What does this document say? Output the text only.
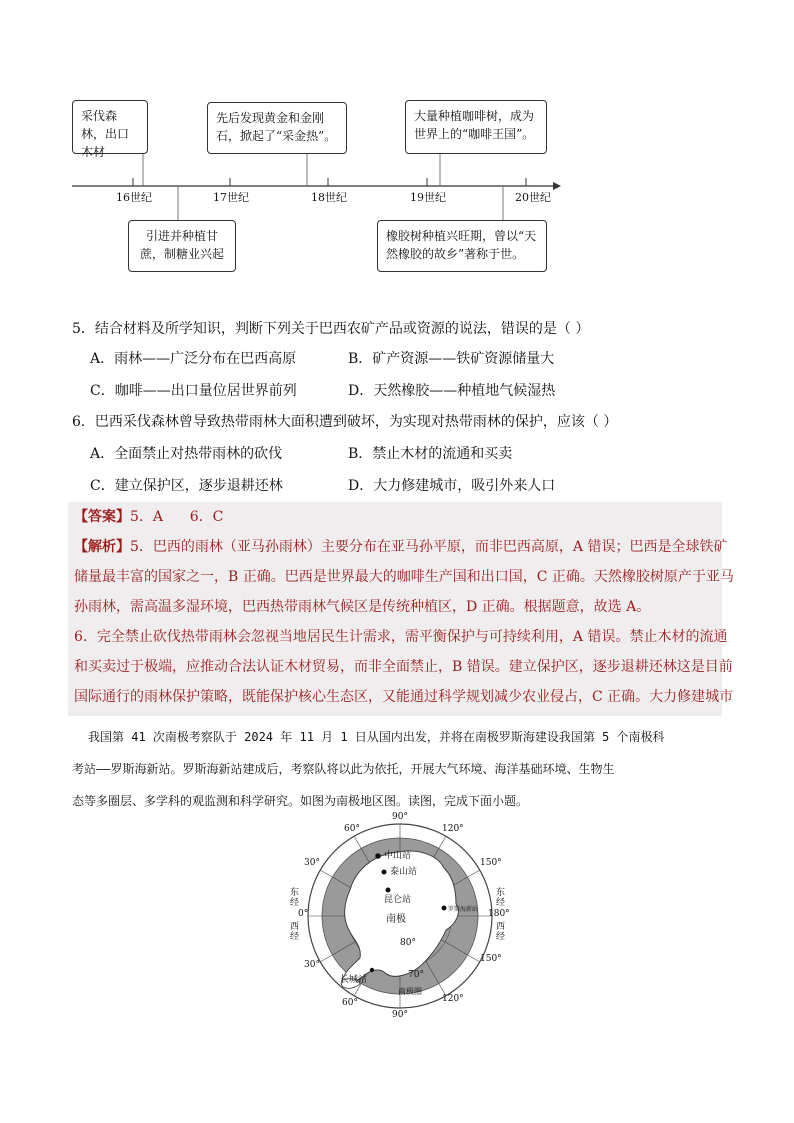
采伐森林，出口木材
先后发现黄金和金刚石，掀起了“采金热”。
大量种植咖啡树，成为世界上的“咖啡王国”。
引进并种植甘蔗，制糖业兴起
橡胶树种植兴旺期，曾以“天然橡胶的故乡”著称于世。
16世纪	17世纪	18世纪	19世纪	20世纪
5．结合材料及所学知识，判断下列关于巴西农矿产品或资源的说法，错误的是（ ）
A．雨林——广泛分布在巴西高原	B．矿产资源——铁矿资源储量大
C．咖啡——出口量位居世界前列	D．天然橡胶——种植地气候湿热
6．巴西采伐森林曾导致热带雨林大面积遭到破坏，为实现对热带雨林的保护，应该（ ）
A．全面禁止对热带雨林的砍伐	B．禁止木材的流通和买卖
C．建立保护区，逐步退耕还林	D．大力修建城市，吸引外来人口
【答案】5．A      6．C
【解析】5．巴西的雨林（亚马孙雨林）主要分布在亚马孙平原，而非巴西高原，A 错误；巴西是全球铁矿
储量最丰富的国家之一，B 正确。巴西是世界最大的咖啡生产国和出口国，C 正确。天然橡胶树原产于亚马
孙雨林，需高温多湿环境，巴西热带雨林气候区是传统种植区，D 正确。根据题意，故选 A。
6．完全禁止砍伐热带雨林会忽视当地居民生计需求，需平衡保护与可持续利用，A 错误。禁止木材的流通
和买卖过于极端，应推动合法认证木材贸易，而非全面禁止，B 错误。建立保护区，逐步退耕还林这是目前
国际通行的雨林保护策略，既能保护核心生态区，又能通过科学规划减少农业侵占，C 正确。大力修建城市
我国第 41 次南极考察队于 2024 年 11 月 1 日从国内出发，并将在南极罗斯海建设我国第 5 个南极科
考站——罗斯海新站。罗斯海新站建成后，考察队将以此为依托，开展大气环境、海洋基础环境、生物生
态等多圈层、多学科的观监测和科学研究。如图为南极地区图。读图，完成下面小题。
90°
60°	120°
30°	150°
0°	180°
30°
150°
60°	120°
90°
东经
西经
东经
西经
中山站
泰山站
昆仑站
南极
罗斯海新站
长城站
80°
70°
南极圈
